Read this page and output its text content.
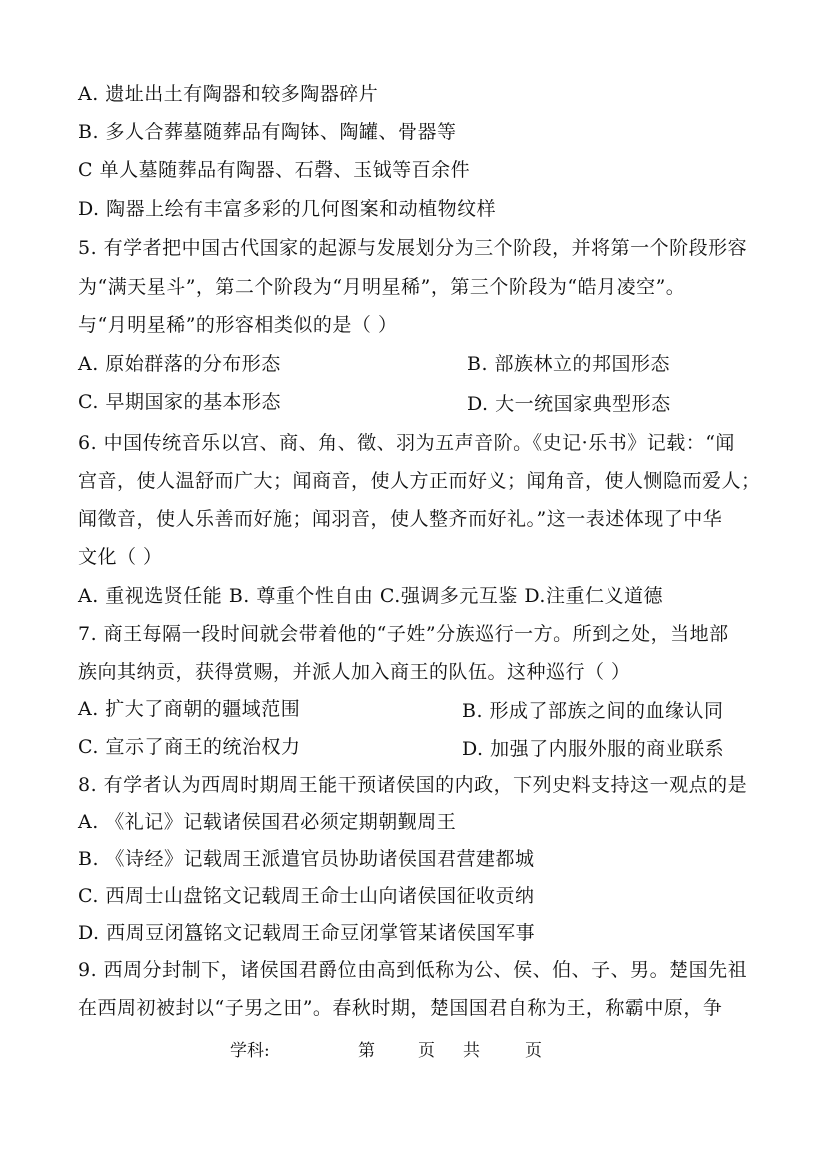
A. 遗址出土有陶器和较多陶器碎片
B. 多人合葬墓随葬品有陶钵、陶罐、骨器等
C 单人墓随葬品有陶器、石磬、玉钺等百余件
D. 陶器上绘有丰富多彩的几何图案和动植物纹样
5. 有学者把中国古代国家的起源与发展划分为三个阶段，并将第一个阶段形容
为“满天星斗”，第二个阶段为“月明星稀”，第三个阶段为“皓月凌空”。
与“月明星稀”的形容相类似的是（ ）
A. 原始群落的分布形态	B. 部族林立的邦国形态
C. 早期国家的基本形态	D. 大一统国家典型形态
6. 中国传统音乐以宫、商、角、徵、羽为五声音阶。《史记·乐书》记载：“闻
宫音，使人温舒而广大；闻商音，使人方正而好义；闻角音，使人恻隐而爱人；
闻徵音，使人乐善而好施；闻羽音，使人整齐而好礼。”这一表述体现了中华
文化（ ）
A. 重视选贤任能 B. 尊重个性自由 C.强调多元互鉴 D.注重仁义道德
7. 商王每隔一段时间就会带着他的“子姓”分族巡行一方。所到之处，当地部
族向其纳贡，获得赏赐，并派人加入商王的队伍。这种巡行（ ）
A. 扩大了商朝的疆域范围	B. 形成了部族之间的血缘认同
C. 宣示了商王的统治权力	D. 加强了内服外服的商业联系
8. 有学者认为西周时期周王能干预诸侯国的内政，下列史料支持这一观点的是
A. 《礼记》记载诸侯国君必须定期朝觐周王
B. 《诗经》记载周王派遣官员协助诸侯国君营建都城
C. 西周士山盘铭文记载周王命士山向诸侯国征收贡纳
D. 西周豆闭簋铭文记载周王命豆闭掌管某诸侯国军事
9. 西周分封制下，诸侯国君爵位由高到低称为公、侯、伯、子、男。楚国先祖
在西周初被封以“子男之田”。春秋时期，楚国国君自称为王，称霸中原，争
学科:	第	页 共	页
